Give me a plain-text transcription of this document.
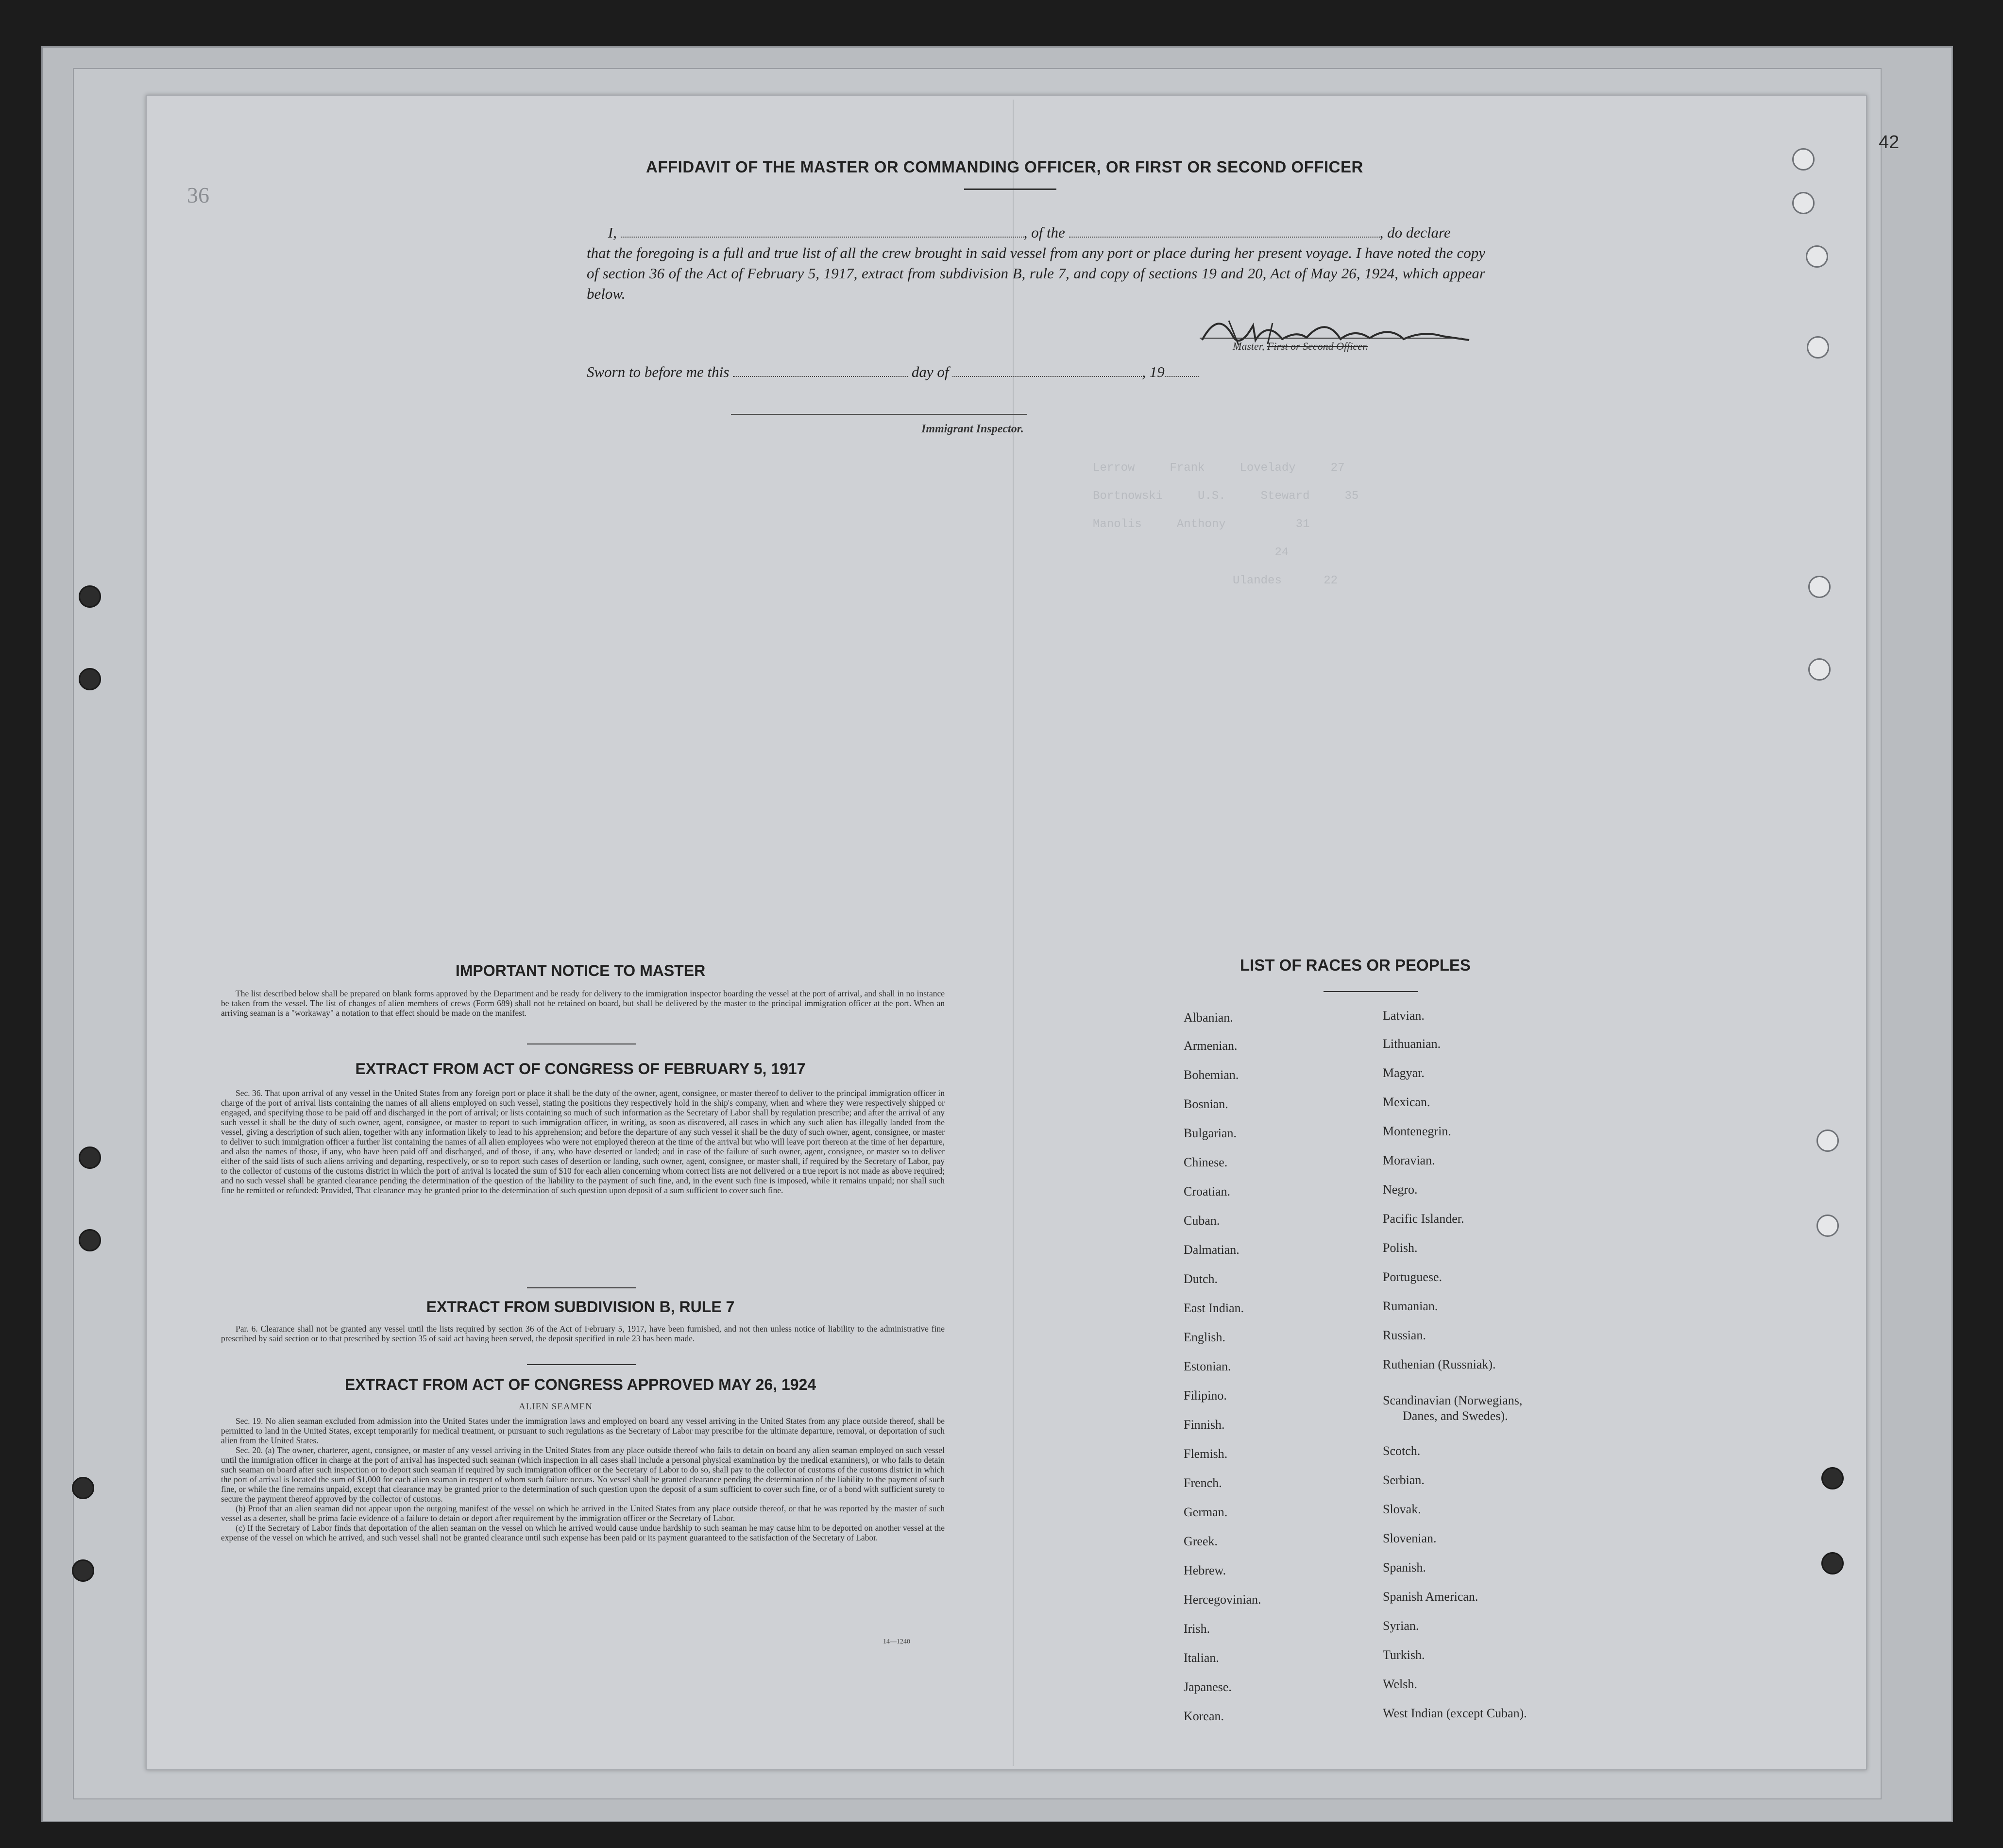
Lerrow     Frank     Lovelady     27
Bortnowski     U.S.     Steward     35
Manolis     Anthony          31
24
Ulandes      22
42
36
AFFIDAVIT OF THE MASTER OR COMMANDING OFFICER, OR FIRST OR SECOND OFFICER
I,	, of the	, do declare
that the foregoing is a full and true list of all the crew brought in said vessel from any port or place during her present voyage. I have noted the copy of section 36 of the Act of February 5, 1917, extract from subdivision B, rule 7, and copy of sections 19 and 20, Act of May 26, 1924, which appear below.
Master, First or Second Officer.
Sworn to before me this	day of	, 19
Immigrant Inspector.
IMPORTANT NOTICE TO MASTER

The list described below shall be prepared on blank forms approved by the Department and be ready for delivery to the immigration inspector boarding the vessel at the port of arrival, and shall in no instance be taken from the vessel. The list of changes of alien members of crews (Form 689) shall not be retained on board, but shall be delivered by the master to the principal immigration officer at the port. When an arriving seaman is a "workaway" a notation to that effect should be made on the manifest.

EXTRACT FROM ACT OF CONGRESS OF FEBRUARY 5, 1917

Sec. 36. That upon arrival of any vessel in the United States from any foreign port or place it shall be the duty of the owner, agent, consignee, or master thereof to deliver to the principal immigration officer in charge of the port of arrival lists containing the names of all aliens employed on such vessel, stating the positions they respectively hold in the ship's company, when and where they were respectively shipped or engaged, and specifying those to be paid off and discharged in the port of arrival; or lists containing so much of such information as the Secretary of Labor shall by regulation prescribe; and after the arrival of any such vessel it shall be the duty of such owner, agent, consignee, or master to report to such immigration officer, in writing, as soon as discovered, all cases in which any such alien has illegally landed from the vessel, giving a description of such alien, together with any information likely to lead to his apprehension; and before the departure of any such vessel it shall be the duty of such owner, agent, consignee, or master to deliver to such immigration officer a further list containing the names of all alien employees who were not employed thereon at the time of the arrival but who will leave port thereon at the time of her departure, and also the names of those, if any, who have been paid off and discharged, and of those, if any, who have deserted or landed; and in case of the failure of such owner, agent, consignee, or master so to deliver either of the said lists of such aliens arriving and departing, respectively, or so to report such cases of desertion or landing, such owner, agent, consignee, or master shall, if required by the Secretary of Labor, pay to the collector of customs of the customs district in which the port of arrival is located the sum of $10 for each alien concerning whom correct lists are not delivered or a true report is not made as above required; and no such vessel shall be granted clearance pending the determination of the question of the liability to the payment of such fine, and, in the event such fine is imposed, while it remains unpaid; nor shall such fine be remitted or refunded: Provided, That clearance may be granted prior to the determination of such question upon deposit of a sum sufficient to cover such fine.

EXTRACT FROM SUBDIVISION B, RULE 7

Par. 6. Clearance shall not be granted any vessel until the lists required by section 36 of the Act of February 5, 1917, have been furnished, and not then unless notice of liability to the administrative fine prescribed by said section or to that prescribed by section 35 of said act having been served, the deposit specified in rule 23 has been made.

EXTRACT FROM ACT OF CONGRESS APPROVED MAY 26, 1924
ALIEN SEAMEN

Sec. 19. No alien seaman excluded from admission into the United States under the immigration laws and employed on board any vessel arriving in the United States from any place outside thereof, shall be permitted to land in the United States, except temporarily for medical treatment, or pursuant to such regulations as the Secretary of Labor may prescribe for the ultimate departure, removal, or deportation of such alien from the United States.

Sec. 20. (a) The owner, charterer, agent, consignee, or master of any vessel arriving in the United States from any place outside thereof who fails to detain on board any alien seaman employed on such vessel until the immigration officer in charge at the port of arrival has inspected such seaman (which inspection in all cases shall include a personal physical examination by the medical examiners), or who fails to detain such seaman on board after such inspection or to deport such seaman if required by such immigration officer or the Secretary of Labor to do so, shall pay to the collector of customs of the customs district in which the port of arrival is located the sum of $1,000 for each alien seaman in respect of whom such failure occurs. No vessel shall be granted clearance pending the determination of the liability to the payment of such fine, or while the fine remains unpaid, except that clearance may be granted prior to the determination of such question upon the deposit of a sum sufficient to cover such fine, or of a bond with sufficient surety to secure the payment thereof approved by the collector of customs.

(b) Proof that an alien seaman did not appear upon the outgoing manifest of the vessel on which he arrived in the United States from any place outside thereof, or that he was reported by the master of such vessel as a deserter, shall be prima facie evidence of a failure to detain or deport after requirement by the immigration officer or the Secretary of Labor.

(c) If the Secretary of Labor finds that deportation of the alien seaman on the vessel on which he arrived would cause undue hardship to such seaman he may cause him to be deported on another vessel at the expense of the vessel on which he arrived, and such vessel shall not be granted clearance until such expense has been paid or its payment guaranteed to the satisfaction of the Secretary of Labor.

14—1240
LIST OF RACES OR PEOPLES
Albanian.
Armenian.
Bohemian.
Bosnian.
Bulgarian.
Chinese.
Croatian.
Cuban.
Dalmatian.
Dutch.
East Indian.
English.
Estonian.
Filipino.
Finnish.
Flemish.
French.
German.
Greek.
Hebrew.
Hercegovinian.
Irish.
Italian.
Japanese.
Korean.
Latvian.
Lithuanian.
Magyar.
Mexican.
Montenegrin.
Moravian.
Negro.
Pacific Islander.
Polish.
Portuguese.
Rumanian.
Russian.
Ruthenian (Russniak).
Scandinavian (Norwegians,
Danes, and Swedes).
Scotch.
Serbian.
Slovak.
Slovenian.
Spanish.
Spanish American.
Syrian.
Turkish.
Welsh.
West Indian (except Cuban).
